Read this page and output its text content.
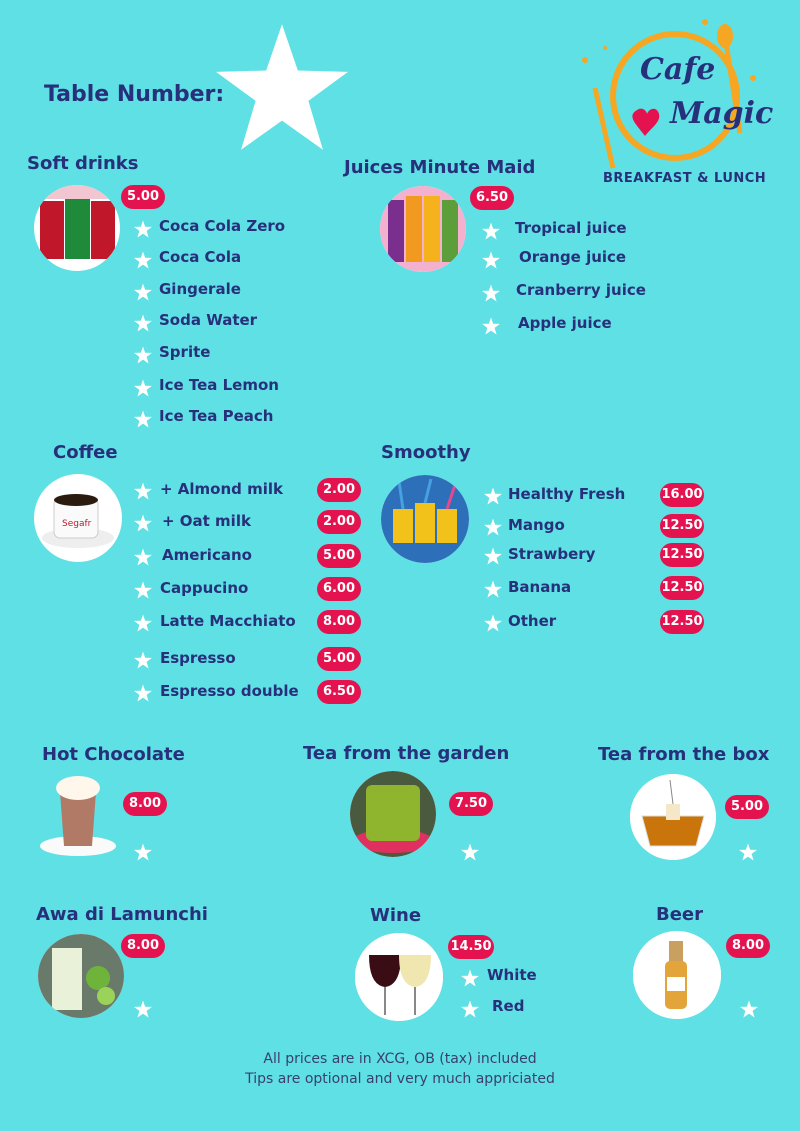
Table Number:
Cafe
Magic
BREAKFAST & LUNCH
Soft drinks
5.00
Juices Minute Maid
6.50
Coffee
Segafr
Smoothy
Hot Chocolate
8.00
Tea from the garden
7.50
Tea from the box
5.00
Awa di Lamunchi
8.00
Wine
14.50
White
Red
Beer
8.00
All prices are in XCG, OB (tax) included
Tips are optional and very much appriciated
Coca Cola Zero
Coca Cola
Gingerale
Soda Water
Sprite
Ice Tea Lemon
Ice Tea Peach
Tropical juice
Orange juice
Cranberry juice
Apple juice
+ Almond milk	2.00
+ Oat milk	2.00
Americano	5.00
Cappucino	6.00
Latte Macchiato	8.00
Espresso	5.00
Espresso double	6.50
Healthy Fresh	16.00
Mango	12.50
Strawbery	12.50
Banana	12.50
Other	12.50
